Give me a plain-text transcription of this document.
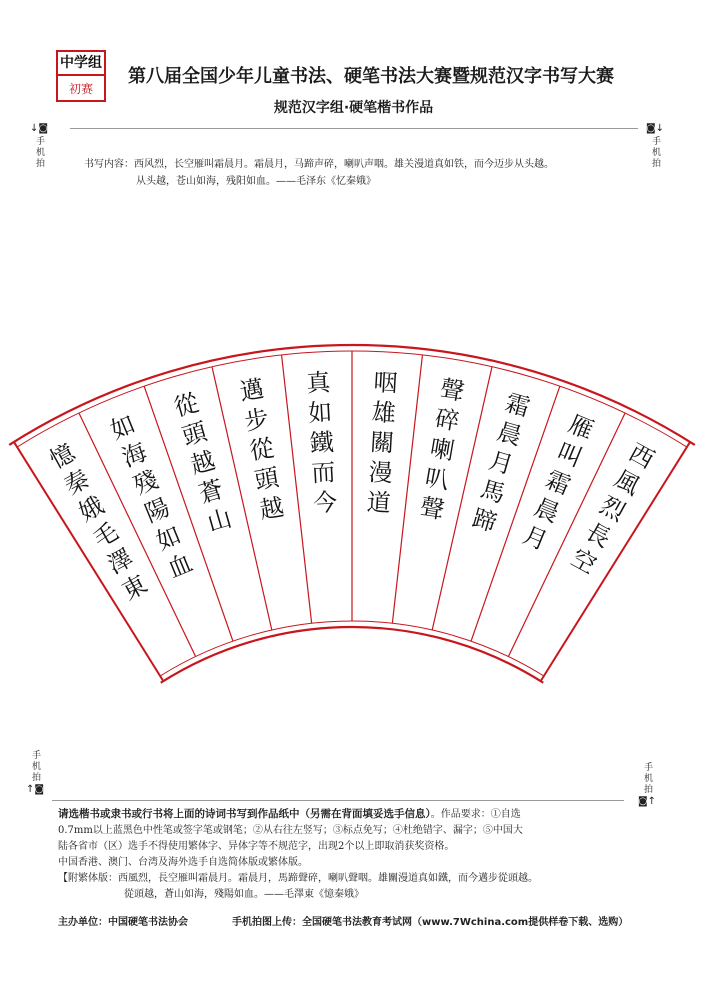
中学组
初赛
第八届全国少年儿童书法、硬笔书法大赛暨规范汉字书写大赛
规范汉字组·硬笔楷书作品
↓◙
手机拍
◙↓
手机拍
书写内容：西风烈，长空雁叫霜晨月。霜晨月，马蹄声碎，喇叭声咽。雄关漫道真如铁，而今迈步从头越。
从头越，苍山如海，残阳如血。——毛泽东《忆秦娥》
西
風
烈
長
空
雁
叫
霜
晨
月
霜
晨
月
馬
蹄
聲
碎
喇
叭
聲
咽
雄
關
漫
道
真
如
鐵
而
今
邁
步
從
頭
越
從
頭
越
蒼
山
如
海
殘
陽
如
血
憶
秦
娥
毛
澤
東
手机拍
↑◙	手机拍
◙↑
请选楷书或隶书或行书将上面的诗词书写到作品纸中（另需在背面填妥选手信息）。作品要求：①自选
0.7mm以上蓝黑色中性笔或签字笔或钢笔；②从右往左竖写；③标点免写；④杜绝错字、漏字；⑤中国大
陆各省市（区）选手不得使用繁体字、异体字等不规范字，出现2个以上即取消获奖资格。
中国香港、澳门、台湾及海外选手自选简体版或繁体版。
【附繁体版：西風烈，長空雁叫霜晨月。霜晨月，馬蹄聲碎，喇叭聲咽。雄關漫道真如鐵，而今邁步從頭越。
從頭越，蒼山如海，殘陽如血。——毛澤東《憶秦娥》
主办单位：中国硬笔书法协会	手机拍图上传：全国硬笔书法教育考试网（www.7Wchina.com提供样卷下载、选购）
